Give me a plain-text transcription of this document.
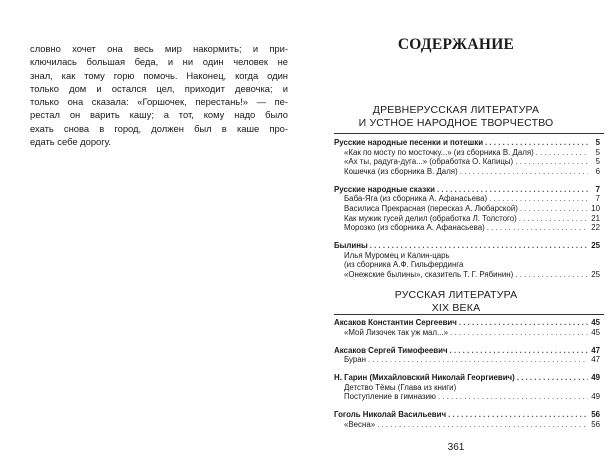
словно хочет она весь мир накормить; и при-
ключилась большая беда, и ни один человек не
знал, как тому горю помочь. Наконец, когда один
только дом и остался цел, приходит девочка; и
только она сказала: «Горшочек, перестань!» — пе-
рестал он варить кашу; а тот, кому надо было
ехать снова в город, должен был в каше про-
едать себе дорогу.
СОДЕРЖАНИЕ
ДРЕВНЕРУССКАЯ ЛИТЕРАТУРА
И УСТНОЕ НАРОДНОЕ ТВОРЧЕСТВО
Русские народные песенки и потешки . . .	5
«Как по мосту по мосточку...» (из сборника В. Даля) . . .	5
«Ах ты, радуга-дуга...» (обработка О. Капицы) . . .	5
Кошечка (из сборника В. Даля) . . .	6
Русские народные сказки . . .	7
Баба-Яга (из сборника А. Афанасьева) . . .	7
Василиса Прекрасная (пересказ А. Любарской) . . .	10
Как мужик гусей делил (обработка Л. Толстого) . . .	21
Морозко (из сборника А. Афанасьева) . . .	22
Былины . . .	25
Илья Муромец и Калин-царь
(из сборника А.Ф. Гильфердинга
«Онежские былины», сказитель Т. Г. Рябинин) . . .	25
РУССКАЯ ЛИТЕРАТУРА
XIX ВЕКА
Аксаков Константин Сергеевич . . .	45
«Мой Лизочек так уж мал...» . . .	45
Аксаков Сергей Тимофеевич . . .	47
Буран . . .	47
Н. Гарин (Михайловский Николай Георгиевич) . . .	49
Детство Тёмы (Глава из книги)
Поступление в гимназию . . .	49
Гоголь Николай Васильевич . . .	56
«Весна» . . .	56
361
